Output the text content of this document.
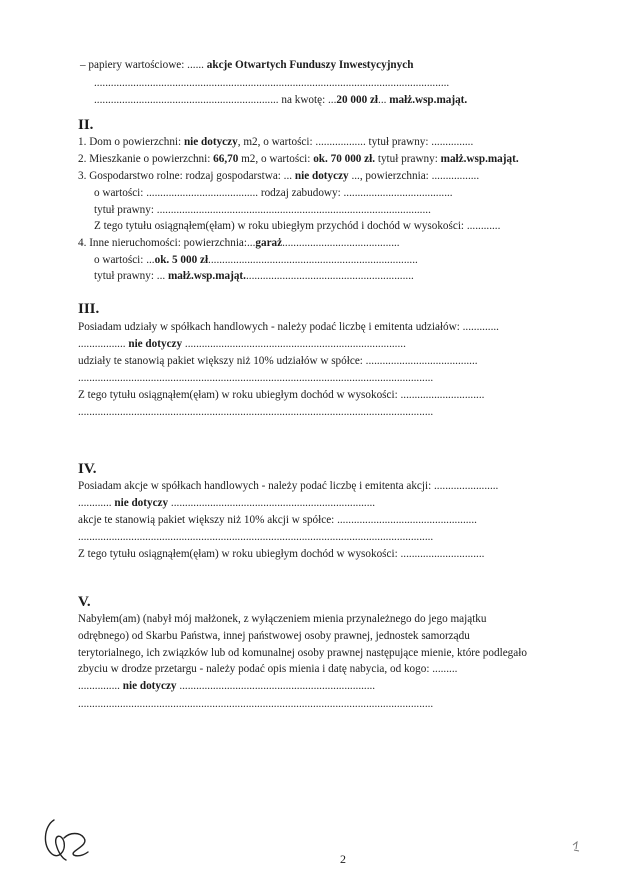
– papiery wartościowe: ...... akcje Otwartych Funduszy Inwestycyjnych
...............................................................................................................................
.................................................................. na kwotę: ...20 000 zł... małż.wsp.mająt.
II.
1. Dom o powierzchni: nie dotyczy, m2, o wartości: .................. tytuł prawny: ...............
2. Mieszkanie o powierzchni: 66,70 m2, o wartości: ok. 70 000 zł. tytuł prawny: małż.wsp.mająt.
3. Gospodarstwo rolne: rodzaj gospodarstwa: ... nie dotyczy ..., powierzchnia: .................
o wartości: ........................................ rodzaj zabudowy: .......................................
tytuł prawny: ..................................................................................................
Z tego tytułu osiągnąłem(ęłam) w roku ubiegłym przychód i dochód w wysokości: ............
4. Inne nieruchomości: powierzchnia:...garaż..........................................
o wartości: ...ok. 5 000 zł...........................................................................
tytuł prawny: ... małż.wsp.mająt.............................................................
III.
Posiadam udziały w spółkach handlowych - należy podać liczbę i emitenta udziałów: .............
................. nie dotyczy ...............................................................................
udziały te stanowią pakiet większy niż 10% udziałów w spółce: ........................................
...............................................................................................................................
Z tego tytułu osiągnąłem(ęłam) w roku ubiegłym dochód w wysokości: ..............................
...............................................................................................................................
IV.
Posiadam akcje w spółkach handlowych - należy podać liczbę i emitenta akcji: .......................
............ nie dotyczy .........................................................................
akcje te stanowią pakiet większy niż 10% akcji w spółce: ..................................................
...............................................................................................................................
Z tego tytułu osiągnąłem(ęłam) w roku ubiegłym dochód w wysokości: ..............................
V.
Nabyłem(am) (nabył mój małżonek, z wyłączeniem mienia przynależnego do jego majątku
odrębnego) od Skarbu Państwa, innej państwowej osoby prawnej, jednostek samorządu
terytorialnego, ich związków lub od komunalnej osoby prawnej następujące mienie, które podlegało
zbyciu w drodze przetargu - należy podać opis mienia i datę nabycia, od kogo: .........
............... nie dotyczy ......................................................................
...............................................................................................................................
2
